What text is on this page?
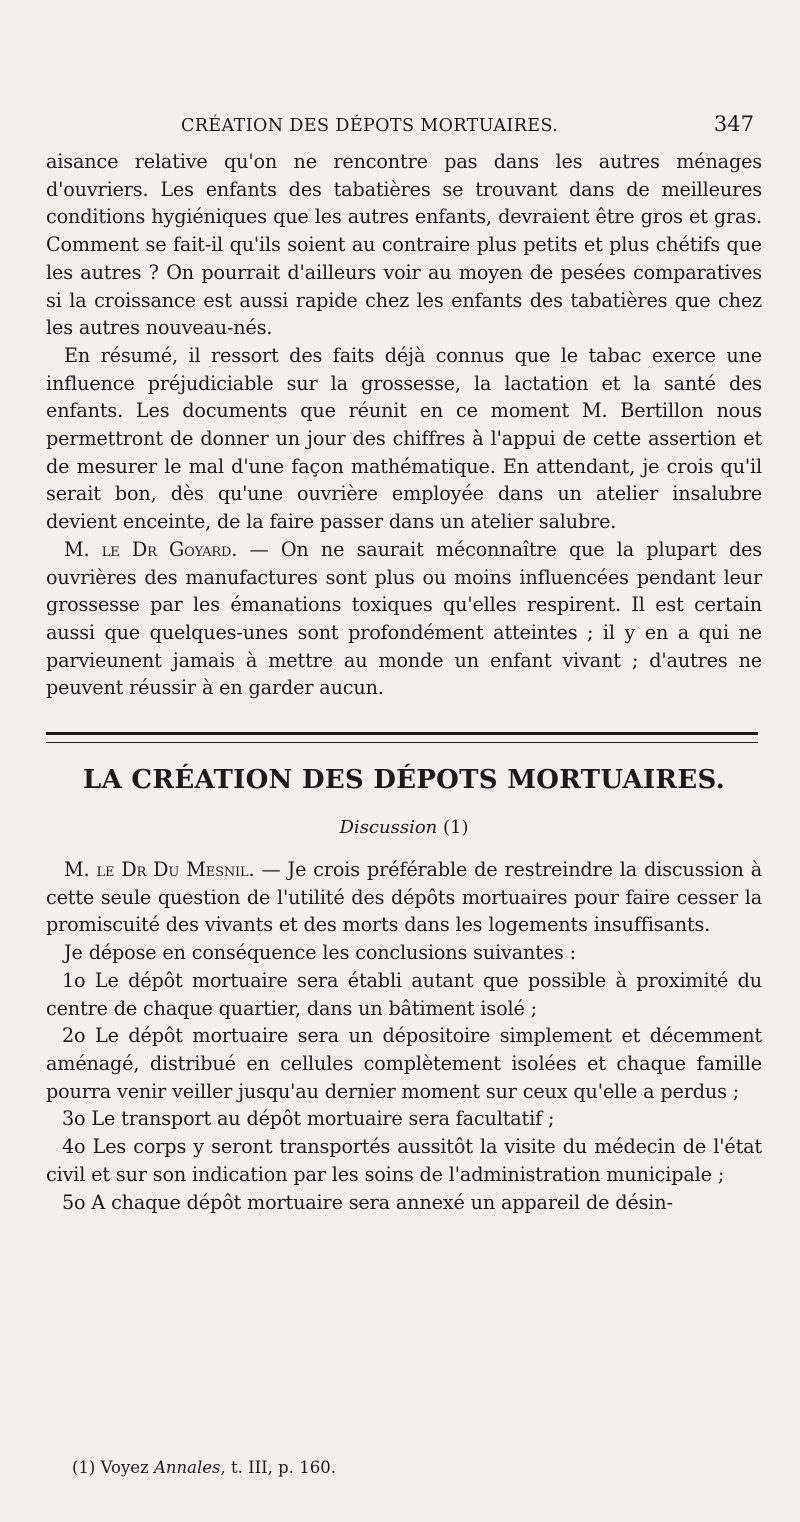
CRÉATION DES DÉPOTS MORTUAIRES.	347

aisance relative qu'on ne rencontre pas dans les autres ménages d'ouvriers. Les enfants des tabatières se trouvant dans de meilleures conditions hygiéniques que les autres enfants, devraient être gros et gras. Comment se fait-il qu'ils soient au contraire plus petits et plus chétifs que les autres ? On pourrait d'ailleurs voir au moyen de pesées comparatives si la croissance est aussi rapide chez les enfants des tabatières que chez les autres nouveau-nés.

En résumé, il ressort des faits déjà connus que le tabac exerce une influence préjudiciable sur la grossesse, la lactation et la santé des enfants. Les documents que réunit en ce moment M. Bertillon nous permettront de donner un jour des chiffres à l'appui de cette assertion et de mesurer le mal d'une façon mathématique. En attendant, je crois qu'il serait bon, dès qu'une ouvrière employée dans un atelier insalubre devient enceinte, de la faire passer dans un atelier salubre.

M. le Dr Goyard. — On ne saurait méconnaître que la plupart des ouvrières des manufactures sont plus ou moins influencées pendant leur grossesse par les émanations toxiques qu'elles respirent. Il est certain aussi que quelques-unes sont profondément atteintes ; il y en a qui ne parvieunent jamais à mettre au monde un enfant vivant ; d'autres ne peuvent réussir à en garder aucun.

LA CRÉATION DES DÉPOTS MORTUAIRES.
Discussion (1)

M. le Dr Du Mesnil. — Je crois préférable de restreindre la discussion à cette seule question de l'utilité des dépôts mortuaires pour faire cesser la promiscuité des vivants et des morts dans les logements insuffisants.

Je dépose en conséquence les conclusions suivantes :

1o Le dépôt mortuaire sera établi autant que possible à proximité du centre de chaque quartier, dans un bâtiment isolé ;

2o Le dépôt mortuaire sera un dépositoire simplement et décemment aménagé, distribué en cellules complètement isolées et chaque famille pourra venir veiller jusqu'au dernier moment sur ceux qu'elle a perdus ;

3o Le transport au dépôt mortuaire sera facultatif ;

4o Les corps y seront transportés aussitôt la visite du médecin de l'état civil et sur son indication par les soins de l'administration municipale ;

5o A chaque dépôt mortuaire sera annexé un appareil de désin-

(1) Voyez Annales, t. III, p. 160.
